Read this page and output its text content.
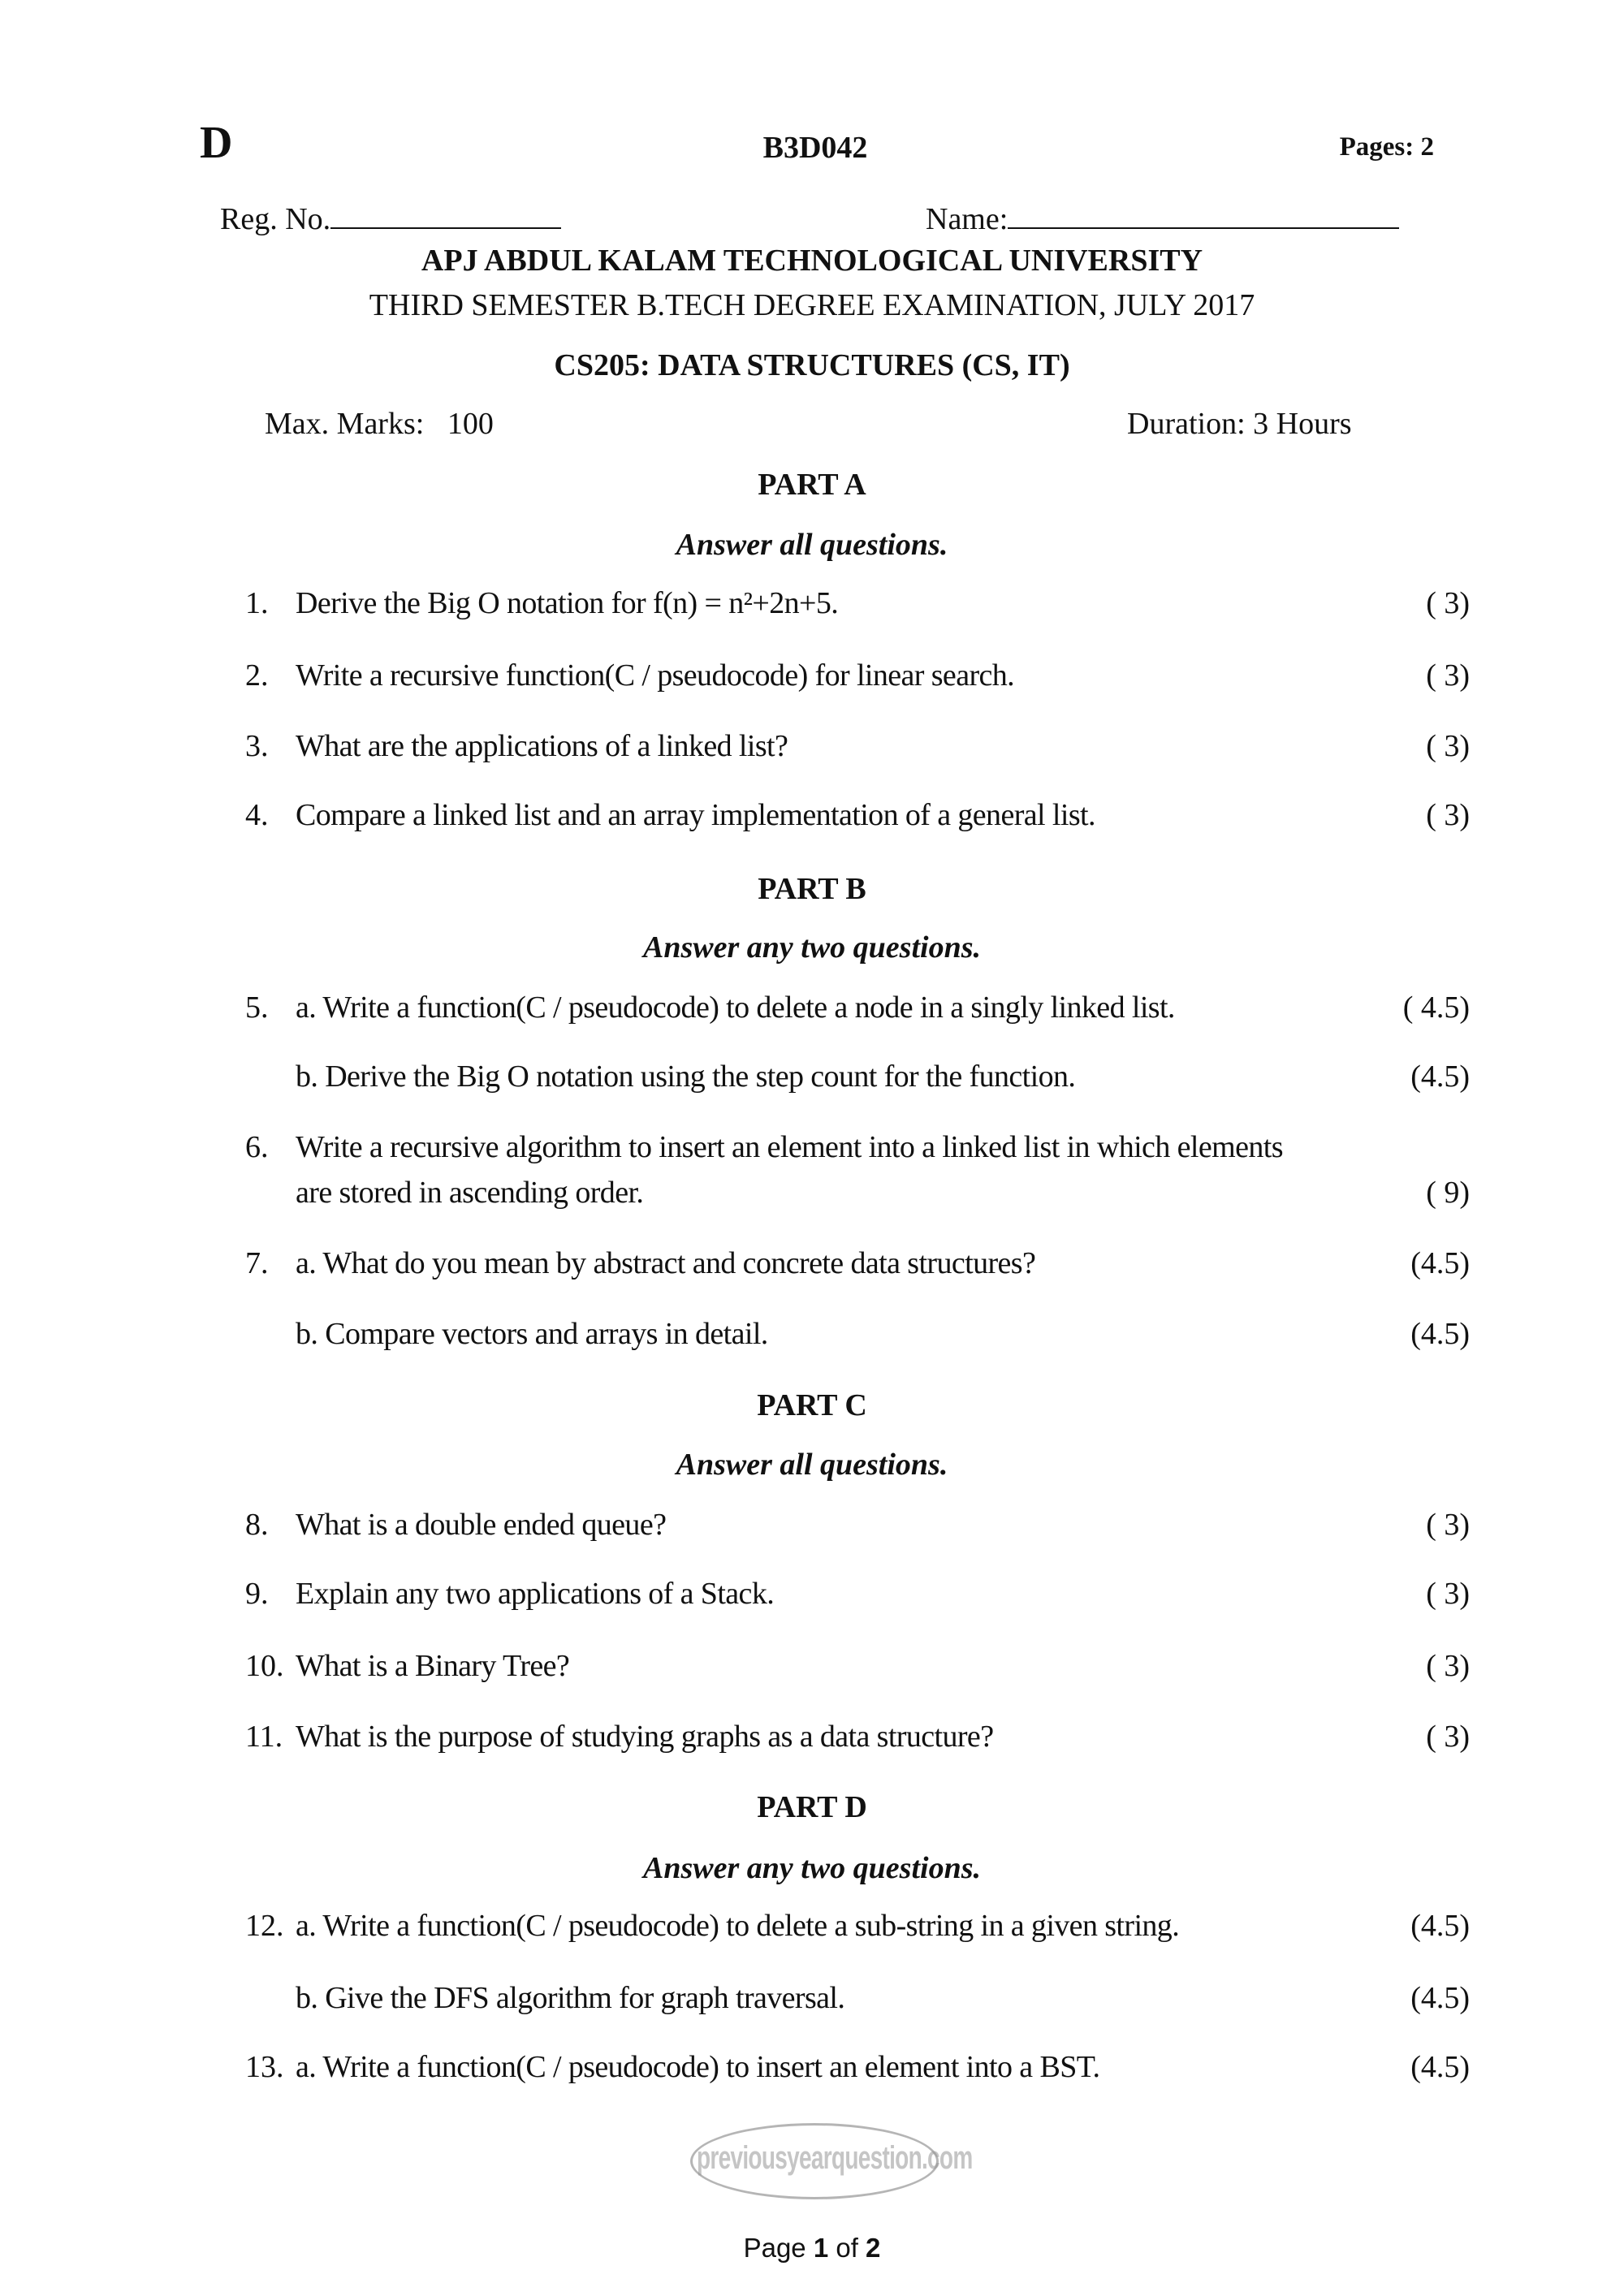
D	B3D042	Pages: 2
Reg. No.	Name:
APJ ABDUL KALAM TECHNOLOGICAL UNIVERSITY
THIRD SEMESTER B.TECH DEGREE EXAMINATION, JULY 2017
CS205: DATA STRUCTURES (CS, IT)
Max. Marks: 100	Duration: 3 Hours
PART A
Answer all questions.
PART B
Answer any two questions.
PART C
Answer all questions.
PART D
Answer any two questions.
1. Derive the Big O notation for f(n) = n²+2n+5.	( 3)
2. Write a recursive function(C / pseudocode) for linear search.	( 3)
3. What are the applications of a linked list?	( 3)
4. Compare a linked list and an array implementation of a general list.	( 3)
5. a. Write a function(C / pseudocode) to delete a node in a singly linked list.	( 4.5)
b. Derive the Big O notation using the step count for the function.	(4.5)
6. Write a recursive algorithm to insert an element into a linked list in which elements
are stored in ascending order.	( 9)
7. a. What do you mean by abstract and concrete data structures?	(4.5)
b. Compare vectors and arrays in detail.	(4.5)
8. What is a double ended queue?	( 3)
9. Explain any two applications of a Stack.	( 3)
10. What is a Binary Tree?	( 3)
11. What is the purpose of studying graphs as a data structure?	( 3)
12. a. Write a function(C / pseudocode) to delete a sub-string in a given string.	(4.5)
b. Give the DFS algorithm for graph traversal.	(4.5)
13. a. Write a function(C / pseudocode) to insert an element into a BST.	(4.5)
previousyearquestion.com
Page 1 of 2
